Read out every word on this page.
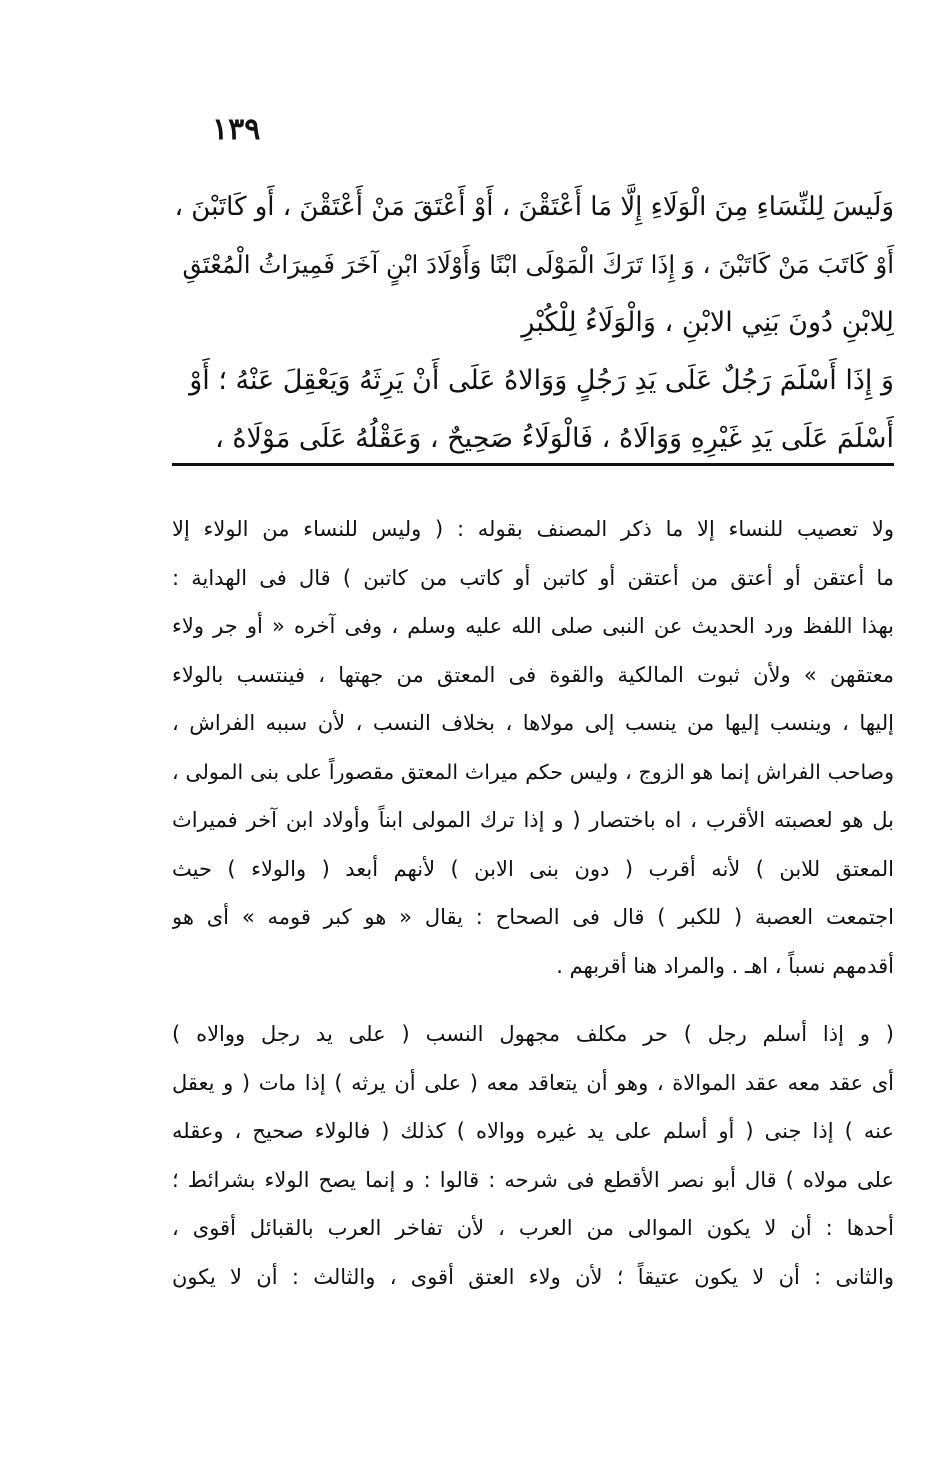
١٣٩
وَلَيسَ لِلنِّسَاءِ مِنَ الْوَلَاءِ إِلَّا مَا أَعْتَقْنَ ، أَوْ أَعْتَقَ مَنْ أَعْتَقْنَ ، أَو كَاتَبْنَ ،
أَوْ كَاتَبَ مَنْ كَاتَبْنَ ، وَ إِذَا تَرَكَ الْمَوْلَى ابْنًا وَأَوْلَادَ ابْنٍ آخَرَ فَمِيرَاثُ الْمُعْتَقِ
لِلابْنِ دُونَ بَنِي الابْنِ ، وَالْوَلَاءُ لِلْكُبْرِ
وَ إِذَا أَسْلَمَ رَجُلٌ عَلَى يَدِ رَجُلٍ وَوَالاهُ عَلَى أَنْ يَرِثَهُ وَيَعْقِلَ عَنْهُ ؛ أَوْ
أَسْلَمَ عَلَى يَدِ غَيْرِهِ وَوَالَاهُ ، فَالْوَلَاءُ صَحِيحٌ ، وَعَقْلُهُ عَلَى مَوْلَاهُ ،
ولا تعصيب للنساء إلا ما ذكر المصنف بقوله : ( وليس للنساء من الولاء إلا
ما أعتقن أو أعتق من أعتقن أو كاتبن أو كاتب من كاتبن ) قال فى الهداية :
بهذا اللفظ ورد الحديث عن النبى صلى الله عليه وسلم ، وفى آخره « أو جر ولاء
معتقهن » ولأن ثبوت المالكية والقوة فى المعتق من جهتها ، فينتسب بالولاء
إليها ، وينسب إليها من ينسب إلى مولاها ، بخلاف النسب ، لأن سببه الفراش ،
وصاحب الفراش إنما هو الزوج ، وليس حكم ميراث المعتق مقصوراً على بنى المولى ،
بل هو لعصبته الأقرب ، اه باختصار ( و إذا ترك المولى ابناً وأولاد ابن آخر فميراث
المعتق للابن ) لأنه أقرب ( دون بنى الابن ) لأنهم أبعد ( والولاء ) حيث
اجتمعت العصبة ( للكبر ) قال فى الصحاح : يقال « هو كبر قومه » أى هو
أقدمهم نسباً ، اهـ . والمراد هنا أقربهم .
( و إذا أسلم رجل ) حر مكلف مجهول النسب ( على يد رجل ووالاه )
أى عقد معه عقد الموالاة ، وهو أن يتعاقد معه ( على أن يرثه ) إذا مات ( و يعقل
عنه ) إذا جنى ( أو أسلم على يد غيره ووالاه ) كذلك ( فالولاء صحيح ، وعقله
على مولاه ) قال أبو نصر الأقطع فى شرحه : قالوا : و إنما يصح الولاء بشرائط ؛
أحدها : أن لا يكون الموالى من العرب ، لأن تفاخر العرب بالقبائل أقوى ،
والثانى : أن لا يكون عتيقاً ؛ لأن ولاء العتق أقوى ، والثالث : أن لا يكون
